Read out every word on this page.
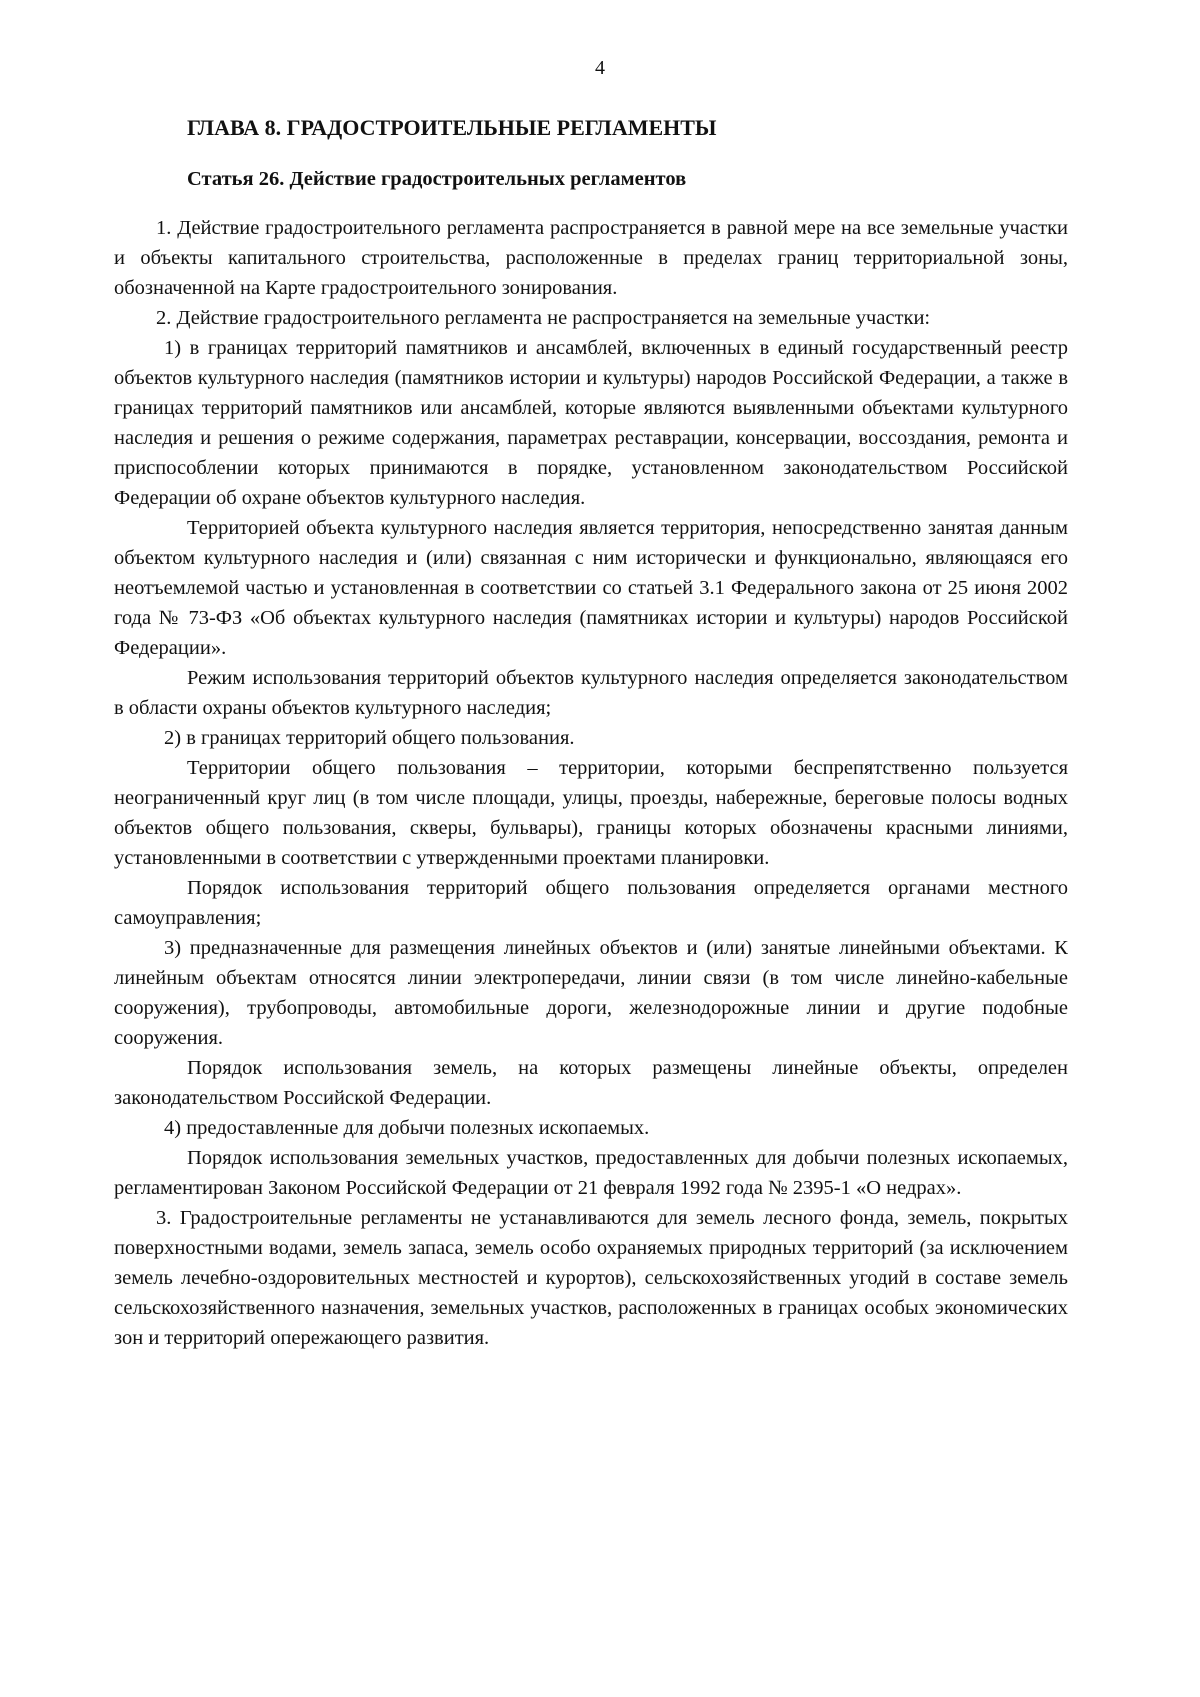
4
ГЛАВА 8. ГРАДОСТРОИТЕЛЬНЫЕ РЕГЛАМЕНТЫ
Статья 26. Действие градостроительных регламентов

1. Действие градостроительного регламента распространяется в равной мере на все земельные участки и объекты капитального строительства, расположенные в пределах границ территориальной зоны, обозначенной на Карте градостроительного зонирования.

2. Действие градостроительного регламента не распространяется на земельные участки:

1) в границах территорий памятников и ансамблей, включенных в единый государственный реестр объектов культурного наследия (памятников истории и культуры) народов Российской Федерации, а также в границах территорий памятников или ансамблей, которые являются выявленными объектами культурного наследия и решения о режиме содержания, параметрах реставрации, консервации, воссоздания, ремонта и приспособлении которых принимаются в порядке, установленном законодательством Российской Федерации об охране объектов культурного наследия.

Территорией объекта культурного наследия является территория, непосредственно занятая данным объектом культурного наследия и (или) связанная с ним исторически и функционально, являющаяся его неотъемлемой частью и установленная в соответствии со статьей 3.1 Федерального закона от 25 июня 2002 года № 73-ФЗ «Об объектах культурного наследия (памятниках истории и культуры) народов Российской Федерации».

Режим использования территорий объектов культурного наследия определяется законодательством в области охраны объектов культурного наследия;

2) в границах территорий общего пользования.

Территории общего пользования – территории, которыми беспрепятственно пользуется неограниченный круг лиц (в том числе площади, улицы, проезды, набережные, береговые полосы водных объектов общего пользования, скверы, бульвары), границы которых обозначены красными линиями, установленными в соответствии с утвержденными проектами планировки.

Порядок использования территорий общего пользования определяется органами местного самоуправления;

3) предназначенные для размещения линейных объектов и (или) занятые линейными объектами. К линейным объектам относятся линии электропередачи, линии связи (в том числе линейно-кабельные сооружения), трубопроводы, автомобильные дороги, железнодорожные линии и другие подобные сооружения.

Порядок использования земель, на которых размещены линейные объекты, определен законодательством Российской Федерации.

4) предоставленные для добычи полезных ископаемых.

Порядок использования земельных участков, предоставленных для добычи полезных ископаемых, регламентирован Законом Российской Федерации от 21 февраля 1992 года № 2395-1 «О недрах».

3. Градостроительные регламенты не устанавливаются для земель лесного фонда, земель, покрытых поверхностными водами, земель запаса, земель особо охраняемых природных территорий (за исключением земель лечебно-оздоровительных местностей и курортов), сельскохозяйственных угодий в составе земель сельскохозяйственного назначения, земельных участков, расположенных в границах особых экономических зон и территорий опережающего развития.
